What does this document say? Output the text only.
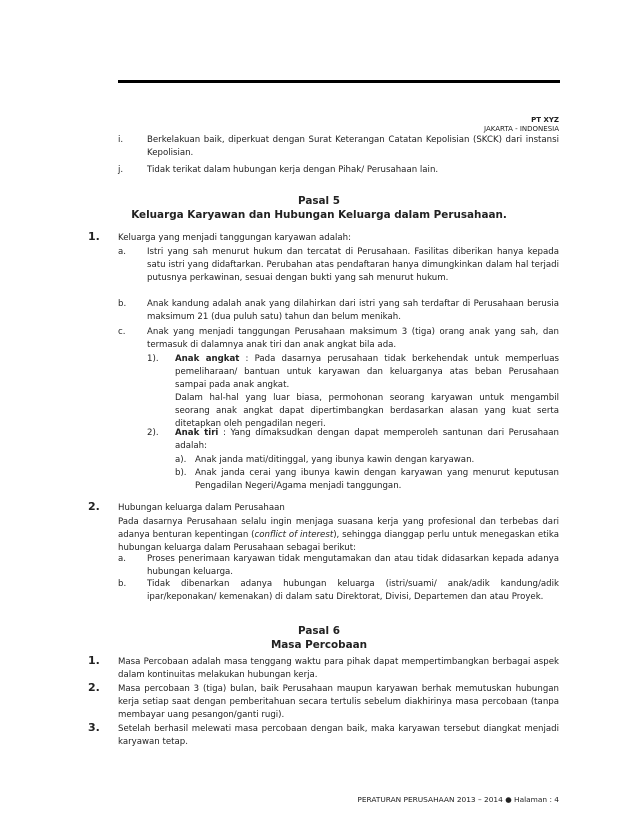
PT XYZ
JAKARTA - INDONESIA
i.	Berkelakuan baik, diperkuat dengan Surat Keterangan Catatan Kepolisian (SKCK) dari instansi Kepolisian.
j.	Tidak terikat dalam hubungan kerja dengan Pihak/ Perusahaan lain.
Pasal 5
Keluarga Karyawan dan Hubungan Keluarga dalam Perusahaan.
1. Keluarga yang menjadi tanggungan karyawan adalah:
a. Istri yang sah menurut hukum dan tercatat di Perusahaan. Fasilitas diberikan hanya kepada satu istri yang didaftarkan. Perubahan atas pendaftaran hanya dimungkinkan dalam hal terjadi putusnya perkawinan, sesuai dengan bukti yang sah menurut hukum.
b. Anak kandung adalah anak yang dilahirkan dari istri yang sah terdaftar di Perusahaan berusia maksimum 21 (dua puluh satu) tahun dan belum menikah.
c.	Anak yang menjadi tanggungan Perusahaan maksimum 3 (tiga) orang anak yang sah, dan termasuk di dalamnya anak tiri dan anak angkat bila ada.
1). Anak angkat : Pada dasarnya perusahaan tidak berkehendak untuk memperluas pemeliharaan/ bantuan untuk karyawan dan keluarganya atas beban Perusahaan sampai pada anak angkat.
Dalam hal-hal yang luar biasa, permohonan seorang karyawan untuk mengambil seorang anak angkat dapat dipertimbangkan berdasarkan alasan yang kuat serta ditetapkan oleh pengadilan negeri.
2). Anak tiri : Yang dimaksudkan dengan dapat memperoleh santunan dari Perusahaan adalah:
a). Anak janda mati/ditinggal, yang ibunya kawin dengan karyawan.
b). Anak janda cerai yang ibunya kawin dengan karyawan yang menurut keputusan Pengadilan Negeri/Agama menjadi tanggungan.
2. Hubungan keluarga dalam Perusahaan
Pada dasarnya Perusahaan selalu ingin menjaga suasana kerja yang profesional dan terbebas dari adanya benturan kepentingan (conflict of interest), sehingga dianggap perlu untuk menegaskan etika hubungan keluarga dalam Perusahaan sebagai berikut:
a. Proses penerimaan karyawan tidak mengutamakan dan atau tidak didasarkan kepada adanya hubungan keluarga.
b. Tidak dibenarkan adanya hubungan keluarga (istri/suami/ anak/adik kandung/adik ipar/keponakan/ kemenakan) di dalam satu Direktorat, Divisi, Departemen dan atau Proyek.
Pasal 6
Masa Percobaan
1. Masa Percobaan adalah masa tenggang waktu para pihak dapat mempertimbangkan berbagai aspek dalam kontinuitas melakukan hubungan kerja.
2. Masa percobaan 3 (tiga) bulan, baik Perusahaan maupun karyawan berhak memutuskan hubungan kerja setiap saat dengan pemberitahuan secara tertulis sebelum diakhirinya masa percobaan (tanpa membayar uang pesangon/ganti rugi).
3. Setelah berhasil melewati masa percobaan dengan baik, maka karyawan tersebut diangkat menjadi karyawan tetap.
PERATURAN PERUSAHAAN 2013 – 2014 ● Halaman : 4
